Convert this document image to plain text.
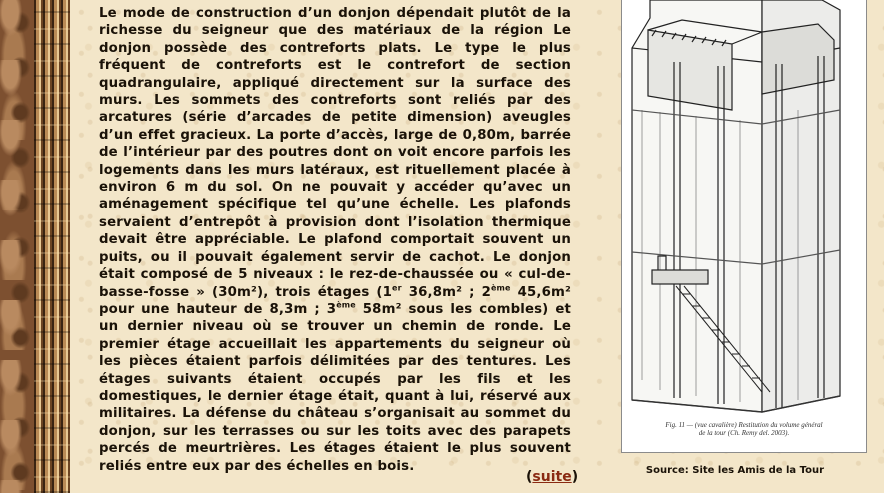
Le mode de construction d’un donjon dépendait plutôt de la richesse du seigneur que des matériaux de la région Le donjon possède des contreforts plats. Le type le plus fréquent de contreforts est le contrefort de section quadrangulaire, appliqué directement sur la surface des murs. Les sommets des contreforts sont reliés par des arcatures (série d’arcades de petite dimension) aveugles d’un effet gracieux. La porte d’accès, large de 0,80m, barrée de l’intérieur par des poutres dont on voit encore parfois les logements dans les murs latéraux, est rituellement placée à environ 6 m du sol. On ne pouvait y accéder qu’avec un aménagement spécifique tel qu’une échelle. Les plafonds servaient d’entrepôt à provision dont l’isolation thermique devait être appréciable. Le plafond comportait souvent un puits, ou il pouvait également servir de cachot. Le donjon était composé de 5 niveaux : le rez-de-chaussée ou « cul-de-basse-fosse » (30m²), trois étages (1er 36,8m² ; 2ème 45,6m² pour une hauteur de 8,3m ; 3ème 58m² sous les combles) et un dernier niveau où se trouver un chemin de ronde. Le premier étage accueillait les appartements du seigneur où les pièces étaient parfois délimitées par des tentures. Les étages suivants étaient occupés par les fils et les domestiques, le dernier étage était, quant à lui, réservé aux militaires. La défense du château s’organisait au sommet du donjon, sur les terrasses ou sur les toits avec des parapets percés de meurtrières. Les étages étaient le plus souvent reliés entre eux par des échelles en bois.
(suite)
Fig. 11 — (vue cavalière) Restitution du volume général
de la tour (Ch. Remy del. 2003).
Source: Site les Amis de la Tour
